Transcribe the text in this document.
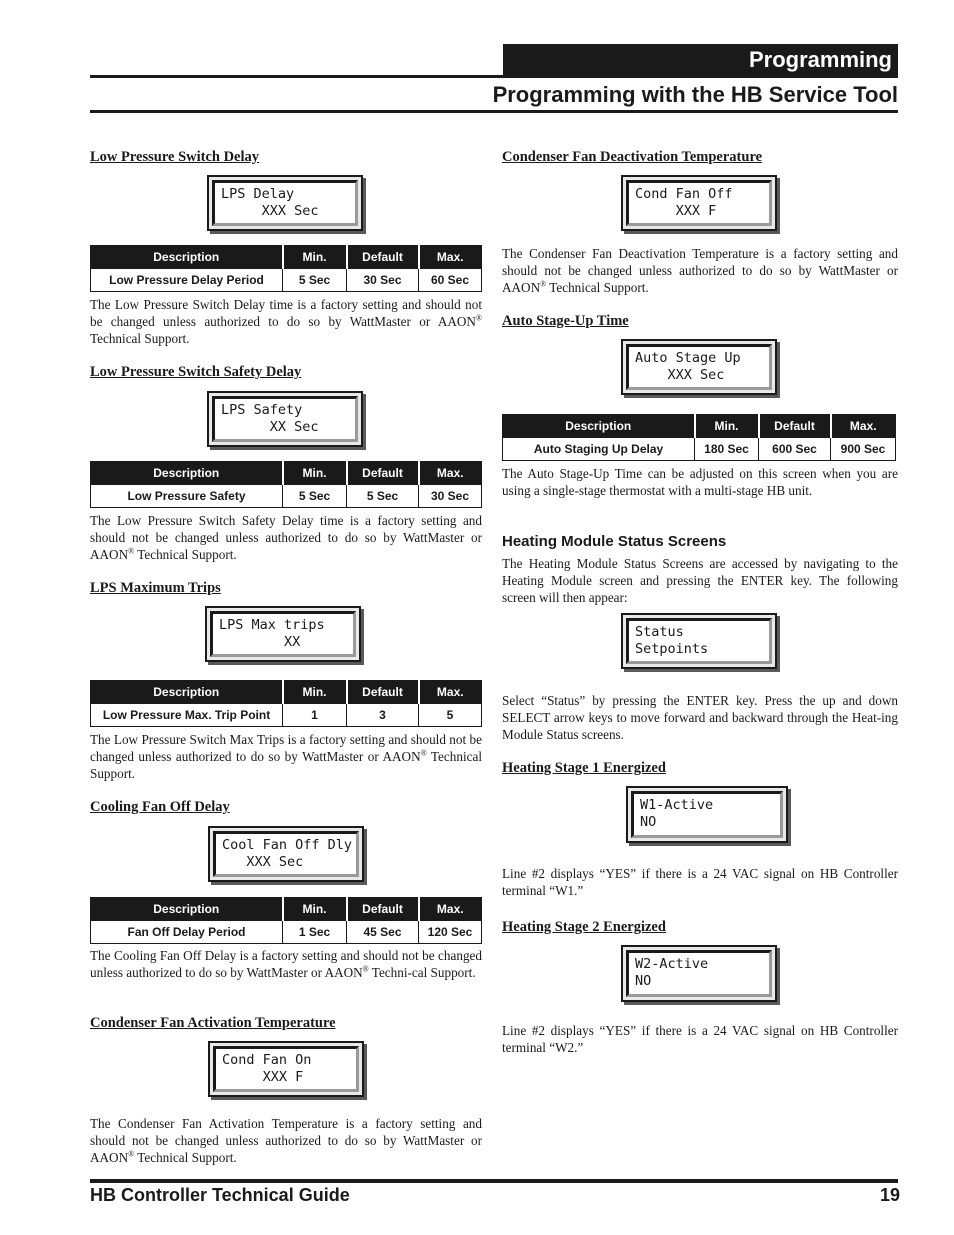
Programming
Programming with the HB Service Tool
Low Pressure Switch Delay
LPS Delay
XXX Sec
Description	Min.	Default	Max.
Low Pressure Delay Period	5 Sec	30 Sec	60 Sec
The Low Pressure Switch Delay time is a factory setting and should not be changed unless authorized to do so by WattMaster or AAON® Technical Support.
Low Pressure Switch Safety Delay
LPS Safety
XX Sec
Description	Min.	Default	Max.
Low Pressure Safety	5 Sec	5 Sec	30 Sec
The Low Pressure Switch Safety Delay time is a factory setting and should not be changed unless authorized to do so by WattMaster or AAON® Technical Support.
LPS Maximum Trips
LPS Max trips
XX
Description	Min.	Default	Max.
Low Pressure Max. Trip Point	1	3	5
The Low Pressure Switch Max Trips is a factory setting and should not be changed unless authorized to do so by WattMaster or AAON® Technical Support.
Cooling Fan Off Delay
Cool Fan Off Dly
XXX Sec
Description	Min.	Default	Max.
Fan Off Delay Period	1 Sec	45 Sec	120 Sec
The Cooling Fan Off Delay is a factory setting and should not be changed unless authorized to do so by WattMaster or AAON® Techni-cal Support.
Condenser Fan Activation Temperature
Cond Fan On
XXX F
The Condenser Fan Activation Temperature is a factory setting and should not be changed unless authorized to do so by WattMaster or AAON® Technical Support.
Condenser Fan Deactivation Temperature
Cond Fan Off
XXX F
The Condenser Fan Deactivation Temperature is a factory setting and should not be changed unless authorized to do so by WattMaster or AAON® Technical Support.
Auto Stage-Up Time
Auto Stage Up
XXX Sec
Description	Min.	Default	Max.
Auto Staging Up Delay	180 Sec	600 Sec	900 Sec
The Auto Stage-Up Time can be adjusted on this screen when you are using a single-stage thermostat with a multi-stage HB unit.
Heating Module Status Screens
The Heating Module Status Screens are accessed by navigating to the Heating Module screen and pressing the ENTER key. The following screen will then appear:
Status
Setpoints
Select “Status” by pressing the ENTER key. Press the up and down SELECT arrow keys to move forward and backward through the Heat-ing Module Status screens.
Heating Stage 1 Energized
W1-Active
NO
Line #2 displays “YES” if there is a 24 VAC signal on HB Controller terminal “W1.”
Heating Stage 2 Energized
W2-Active
NO
Line #2 displays “YES” if there is a 24 VAC signal on HB Controller terminal “W2.”
HB Controller Technical Guide	19
